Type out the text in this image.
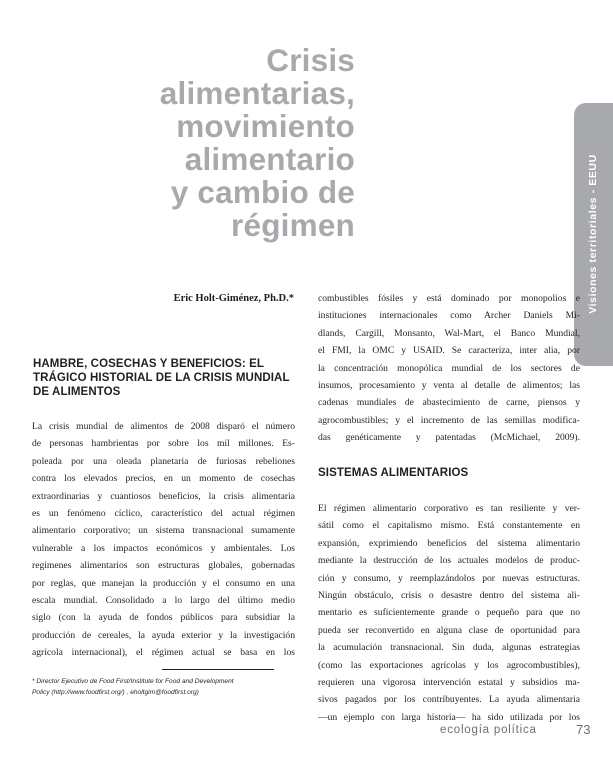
Crisis
alimentarias,
movimiento
alimentario
y cambio de
régimen	Visiones territoriales - EEUU

Eric Holt-Giménez, Ph.D.*

HAMBRE, COSECHAS Y BENEFICIOS: EL
TRÁGICO HISTORIAL DE LA CRISIS MUNDIAL
DE ALIMENTOS
La crisis mundial de alimentos de 2008 disparó el número
de personas hambrientas por sobre los mil millones. Es-
poleada por una oleada planetaria de furiosas rebeliones
contra los elevados precios, en un momento de cosechas
extraordinarias y cuantiosos beneficios, la crisis alimentaria
es un fenómeno cíclico, característico del actual régimen
alimentario corporativo; un sistema transnacional sumamente
vulnerable a los impactos económicos y ambientales. Los
regimenes alimentarios son estructuras globales, gobernadas
por reglas, que manejan la producción y el consumo en una
escala mundial. Consolidado a lo largo del último medio
siglo (con la ayuda de fondos públicos para subsidiar la
producción de cereales, la ayuda exterior y la investigación
agrícola internacional), el régimen actual se basa en los
combustibles fósiles y está dominado por monopolios e
instituciones internacionales como Archer Daniels Mi-
dlands, Cargill, Monsanto, Wal-Mart, el Banco Mundial,
el FMI, la OMC y USAID. Se caracteriza, inter alia, por
la concentración monopólica mundial de los sectores de
insumos, procesamiento y venta al detalle de alimentos; las
cadenas mundiales de abastecimiento de carne, piensos y
agrocombustibles; y el incremento de las semillas modifica-
das genéticamente y patentadas (McMichael, 2009).
SISTEMAS ALIMENTARIOS
El régimen alimentario corporativo es tan resiliente y ver-
sátil como el capitalismo mismo. Está constantemente en
expansión, exprimiendo beneficios del sistema alimentario
mediante la destrucción de los actuales modelos de produc-
ción y consumo, y reemplazándolos por nuevas estructuras.
Ningún obstáculo, crisis o desastre dentro del sistema ali-
mentario es suficientemente grande o pequeño para que no
pueda ser reconvertido en alguna clase de oportunidad para
la acumulación transnacional. Sin duda, algunas estrategias
(como las exportaciones agrícolas y los agrocombustibles),
requieren una vigorosa intervención estatal y subsidios ma-
sivos pagados por los contribuyentes. La ayuda alimentaria
—un ejemplo con larga historia— ha sido utilizada por los

* Director Ejecutivo de Food First/Institute for Food and Development
Policy (http://www.foodfirst.org/) , eholtgim@foodfirst.org)

ecología política	73
